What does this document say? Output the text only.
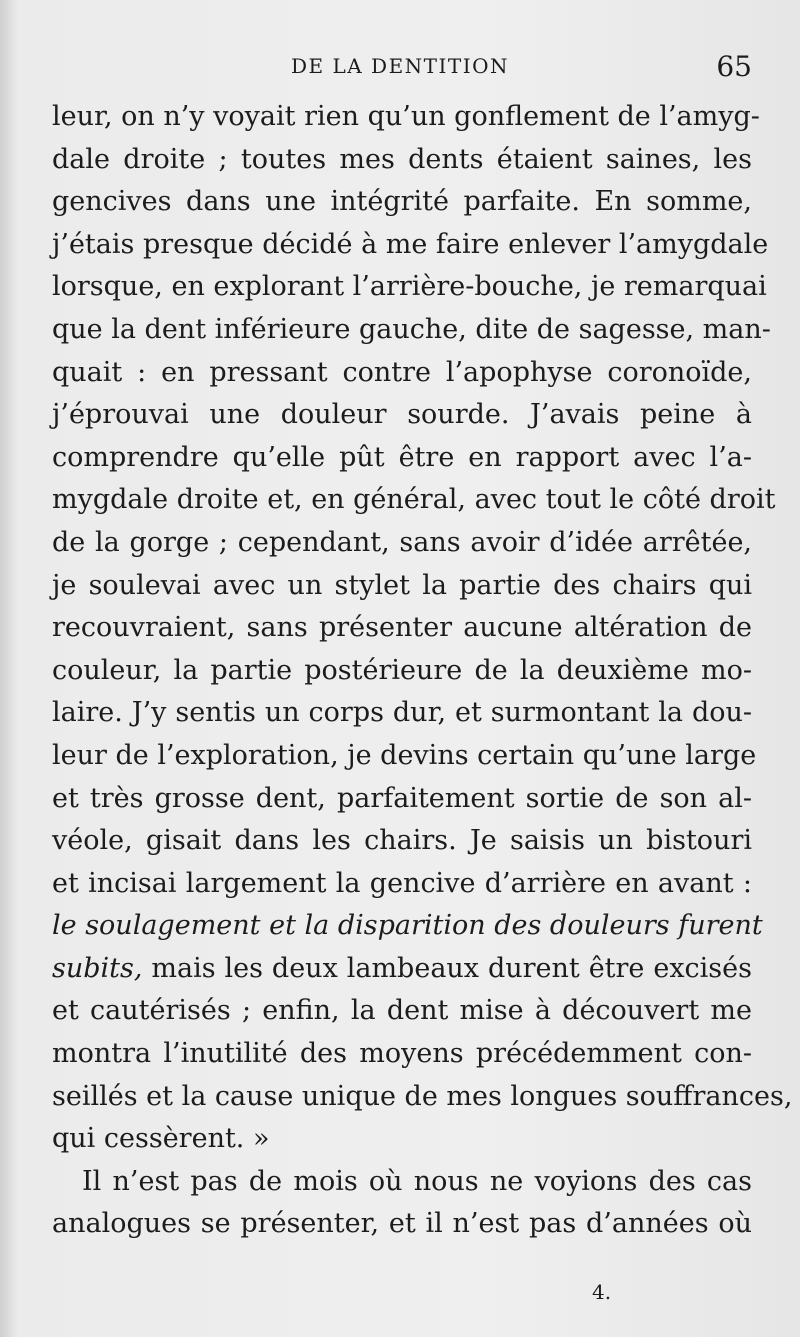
DE LA DENTITION	65
leur, on n’y voyait rien qu’un gonflement de l’amyg-
dale droite ; toutes mes dents étaient saines, les
gencives dans une intégrité parfaite. En somme,
j’étais presque décidé à me faire enlever l’amygdale
lorsque, en explorant l’arrière-bouche, je remarquai
que la dent inférieure gauche, dite de sagesse, man-
quait : en pressant contre l’apophyse coronoïde,
j’éprouvai une douleur sourde. J’avais peine à
comprendre qu’elle pût être en rapport avec l’a-
mygdale droite et, en général, avec tout le côté droit
de la gorge ; cependant, sans avoir d’idée arrêtée,
je soulevai avec un stylet la partie des chairs qui
recouvraient, sans présenter aucune altération de
couleur, la partie postérieure de la deuxième mo-
laire. J’y sentis un corps dur, et surmontant la dou-
leur de l’exploration, je devins certain qu’une large
et très grosse dent, parfaitement sortie de son al-
véole, gisait dans les chairs. Je saisis un bistouri
et incisai largement la gencive d’arrière en avant :
le soulagement et la disparition des douleurs furent
subits, mais les deux lambeaux durent être excisés
et cautérisés ; enfin, la dent mise à découvert me
montra l’inutilité des moyens précédemment con-
seillés et la cause unique de mes longues souffrances,
qui cessèrent. »
Il n’est pas de mois où nous ne voyions des cas
analogues se présenter, et il n’est pas d’années où
4.
